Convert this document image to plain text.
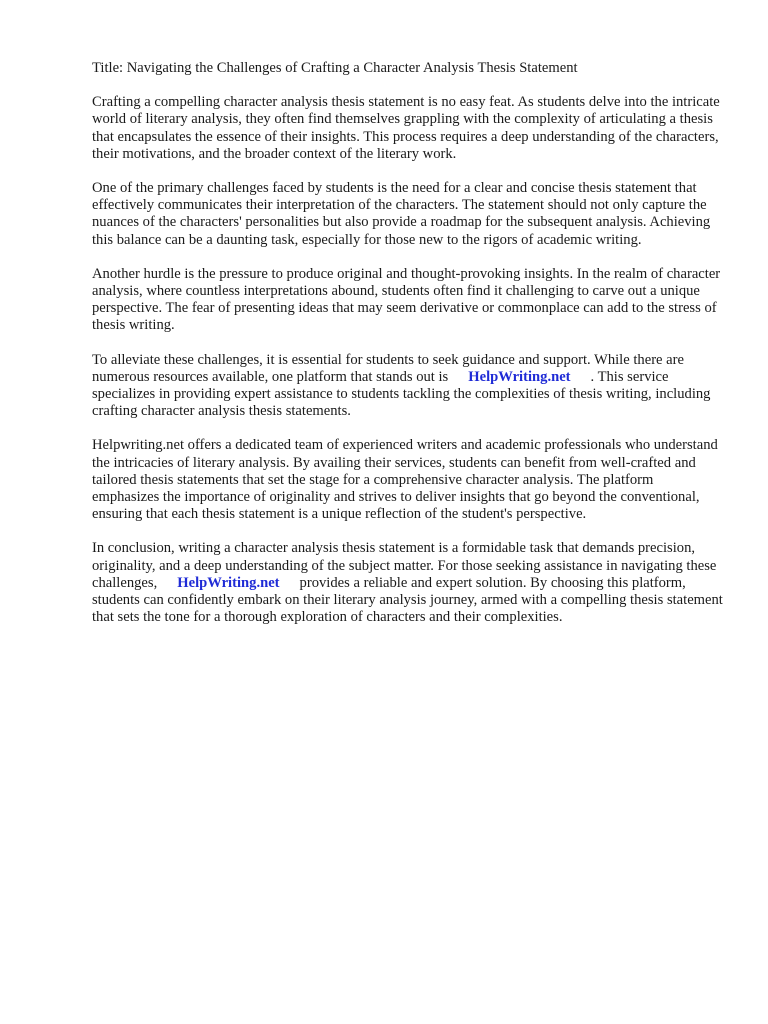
Title: Navigating the Challenges of Crafting a Character Analysis Thesis Statement

Crafting a compelling character analysis thesis statement is no easy feat. As students delve into the intricate world of literary analysis, they often find themselves grappling with the complexity of articulating a thesis that encapsulates the essence of their insights. This process requires a deep understanding of the characters, their motivations, and the broader context of the literary work.

One of the primary challenges faced by students is the need for a clear and concise thesis statement that effectively communicates their interpretation of the characters. The statement should not only capture the nuances of the characters' personalities but also provide a roadmap for the subsequent analysis. Achieving this balance can be a daunting task, especially for those new to the rigors of academic writing.

Another hurdle is the pressure to produce original and thought-provoking insights. In the realm of character analysis, where countless interpretations abound, students often find it challenging to carve out a unique perspective. The fear of presenting ideas that may seem derivative or commonplace can add to the stress of thesis writing.

To alleviate these challenges, it is essential for students to seek guidance and support. While there are numerous resources available, one platform that stands out is HelpWriting.net . This service specializes in providing expert assistance to students tackling the complexities of thesis writing, including crafting character analysis thesis statements.

Helpwriting.net offers a dedicated team of experienced writers and academic professionals who understand the intricacies of literary analysis. By availing their services, students can benefit from well-crafted and tailored thesis statements that set the stage for a comprehensive character analysis. The platform emphasizes the importance of originality and strives to deliver insights that go beyond the conventional, ensuring that each thesis statement is a unique reflection of the student's perspective.

In conclusion, writing a character analysis thesis statement is a formidable task that demands precision, originality, and a deep understanding of the subject matter. For those seeking assistance in navigating these challenges, HelpWriting.net provides a reliable and expert solution. By choosing this platform, students can confidently embark on their literary analysis journey, armed with a compelling thesis statement that sets the tone for a thorough exploration of characters and their complexities.
